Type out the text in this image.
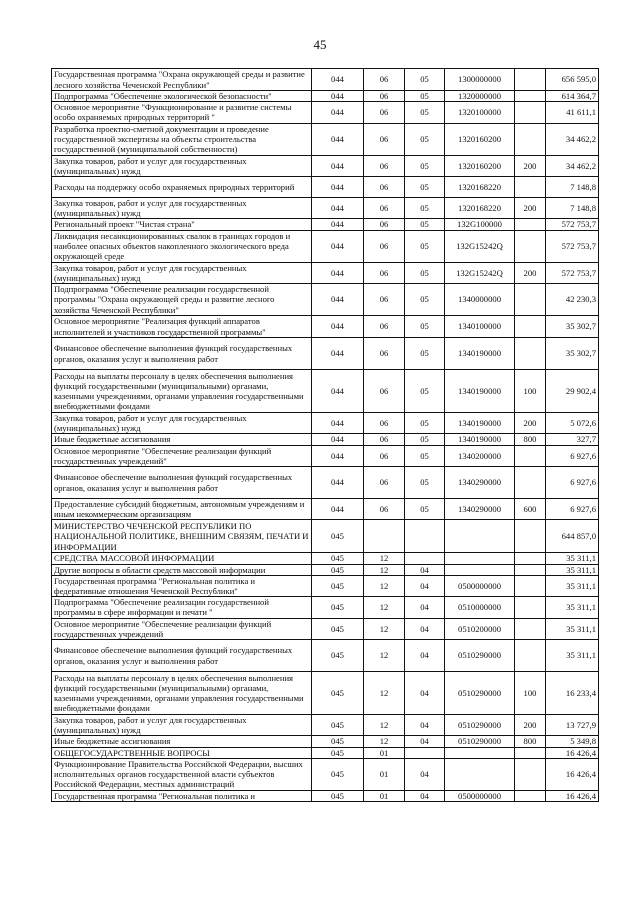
45
Государственная программа "Охрана окружающей среды и развитие лесного хозяйства Чеченской Республики"	044	06	05	1300000000		656 595,0
Подпрограмма "Обеспечение экологической безопасности"	044	06	05	1320000000		614 364,7
Основное мероприятие "Функционирование и развитие системы особо охраняемых природных территорий "	044	06	05	1320100000		41 611,1
Разработка проектно-сметной документации и проведение государственной экспертизы на объекты строительства государственной (муниципальной собственности)	044	06	05	1320160200		34 462,2
Закупка товаров, работ и услуг для государственных (муниципальных) нужд	044	06	05	1320160200	200	34 462,2
Расходы на поддержку особо охраняемых природных территорий	044	06	05	1320168220		7 148,8
Закупка товаров, работ и услуг для государственных (муниципальных) нужд	044	06	05	1320168220	200	7 148,8
Региональный проект "Чистая страна"	044	06	05	132G100000		572 753,7
Ликвидация несанкционированных свалок в границах городов и наиболее опасных объектов накопленного экологического вреда окружающей среде	044	06	05	132G15242Q		572 753,7
Закупка товаров, работ и услуг для государственных (муниципальных) нужд	044	06	05	132G15242Q	200	572 753,7
Подпрограмма "Обеспечение реализации государственной программы "Охрана окружающей среды и развитие лесного хозяйства Чеченской Республики"	044	06	05	1340000000		42 230,3
Основное мероприятие "Реализация функций аппаратов исполнителей и участников государственной программы"	044	06	05	1340100000		35 302,7
Финансовое обеспечение выполнения функций государственных органов, оказания услуг и выполнения работ	044	06	05	1340190000		35 302,7
Расходы на выплаты персоналу в целях обеспечения выполнения функций государственными (муниципальными) органами, казенными учреждениями, органами управления государственными внебюджетными фондами	044	06	05	1340190000	100	29 902,4
Закупка товаров, работ и услуг для государственных (муниципальных) нужд	044	06	05	1340190000	200	5 072,6
Иные бюджетные ассигнования	044	06	05	1340190000	800	327,7
Основное мероприятие "Обеспечение реализации функций государственных учреждений"	044	06	05	1340200000		6 927,6
Финансовое обеспечение выполнения функций государственных органов, оказания услуг и выполнения работ	044	06	05	1340290000		6 927,6
Предоставление субсидий бюджетным, автономным учреждениям и иным некоммерческим организациям	044	06	05	1340290000	600	6 927,6
МИНИСТЕРСТВО ЧЕЧЕНСКОЙ РЕСПУБЛИКИ ПО НАЦИОНАЛЬНОЙ ПОЛИТИКЕ, ВНЕШНИМ СВЯЗЯМ, ПЕЧАТИ И ИНФОРМАЦИИ	045					644 857,0
СРЕДСТВА МАССОВОЙ ИНФОРМАЦИИ	045	12				35 311,1
Другие вопросы в области средств массовой информации	045	12	04			35 311,1
Государственная программа "Региональная политика и федеративные отношения Чеченской Республики"	045	12	04	0500000000		35 311,1
Подпрограмма "Обеспечение реализации государственной программы в сфере информации и печати "	045	12	04	0510000000		35 311,1
Основное мероприятие "Обеспечение реализации функций государственных учреждений	045	12	04	0510200000		35 311,1
Финансовое обеспечение выполнения функций государственных органов, оказания услуг и выполнения работ	045	12	04	0510290000		35 311,1
Расходы на выплаты персоналу в целях обеспечения выполнения функций государственными (муниципальными) органами, казенными учреждениями, органами управления государственными внебюджетными фондами	045	12	04	0510290000	100	16 233,4
Закупка товаров, работ и услуг для государственных (муниципальных) нужд	045	12	04	0510290000	200	13 727,9
Иные бюджетные ассигнования	045	12	04	0510290000	800	5 349,8
ОБЩЕГОСУДАРСТВЕННЫЕ ВОПРОСЫ	045	01				16 426,4
Функционирование Правительства Российской Федерации, высших исполнительных органов государственной власти субъектов Российской Федерации, местных администраций	045	01	04			16 426,4
Государственная программа "Региональная политика и	045	01	04	0500000000		16 426,4
